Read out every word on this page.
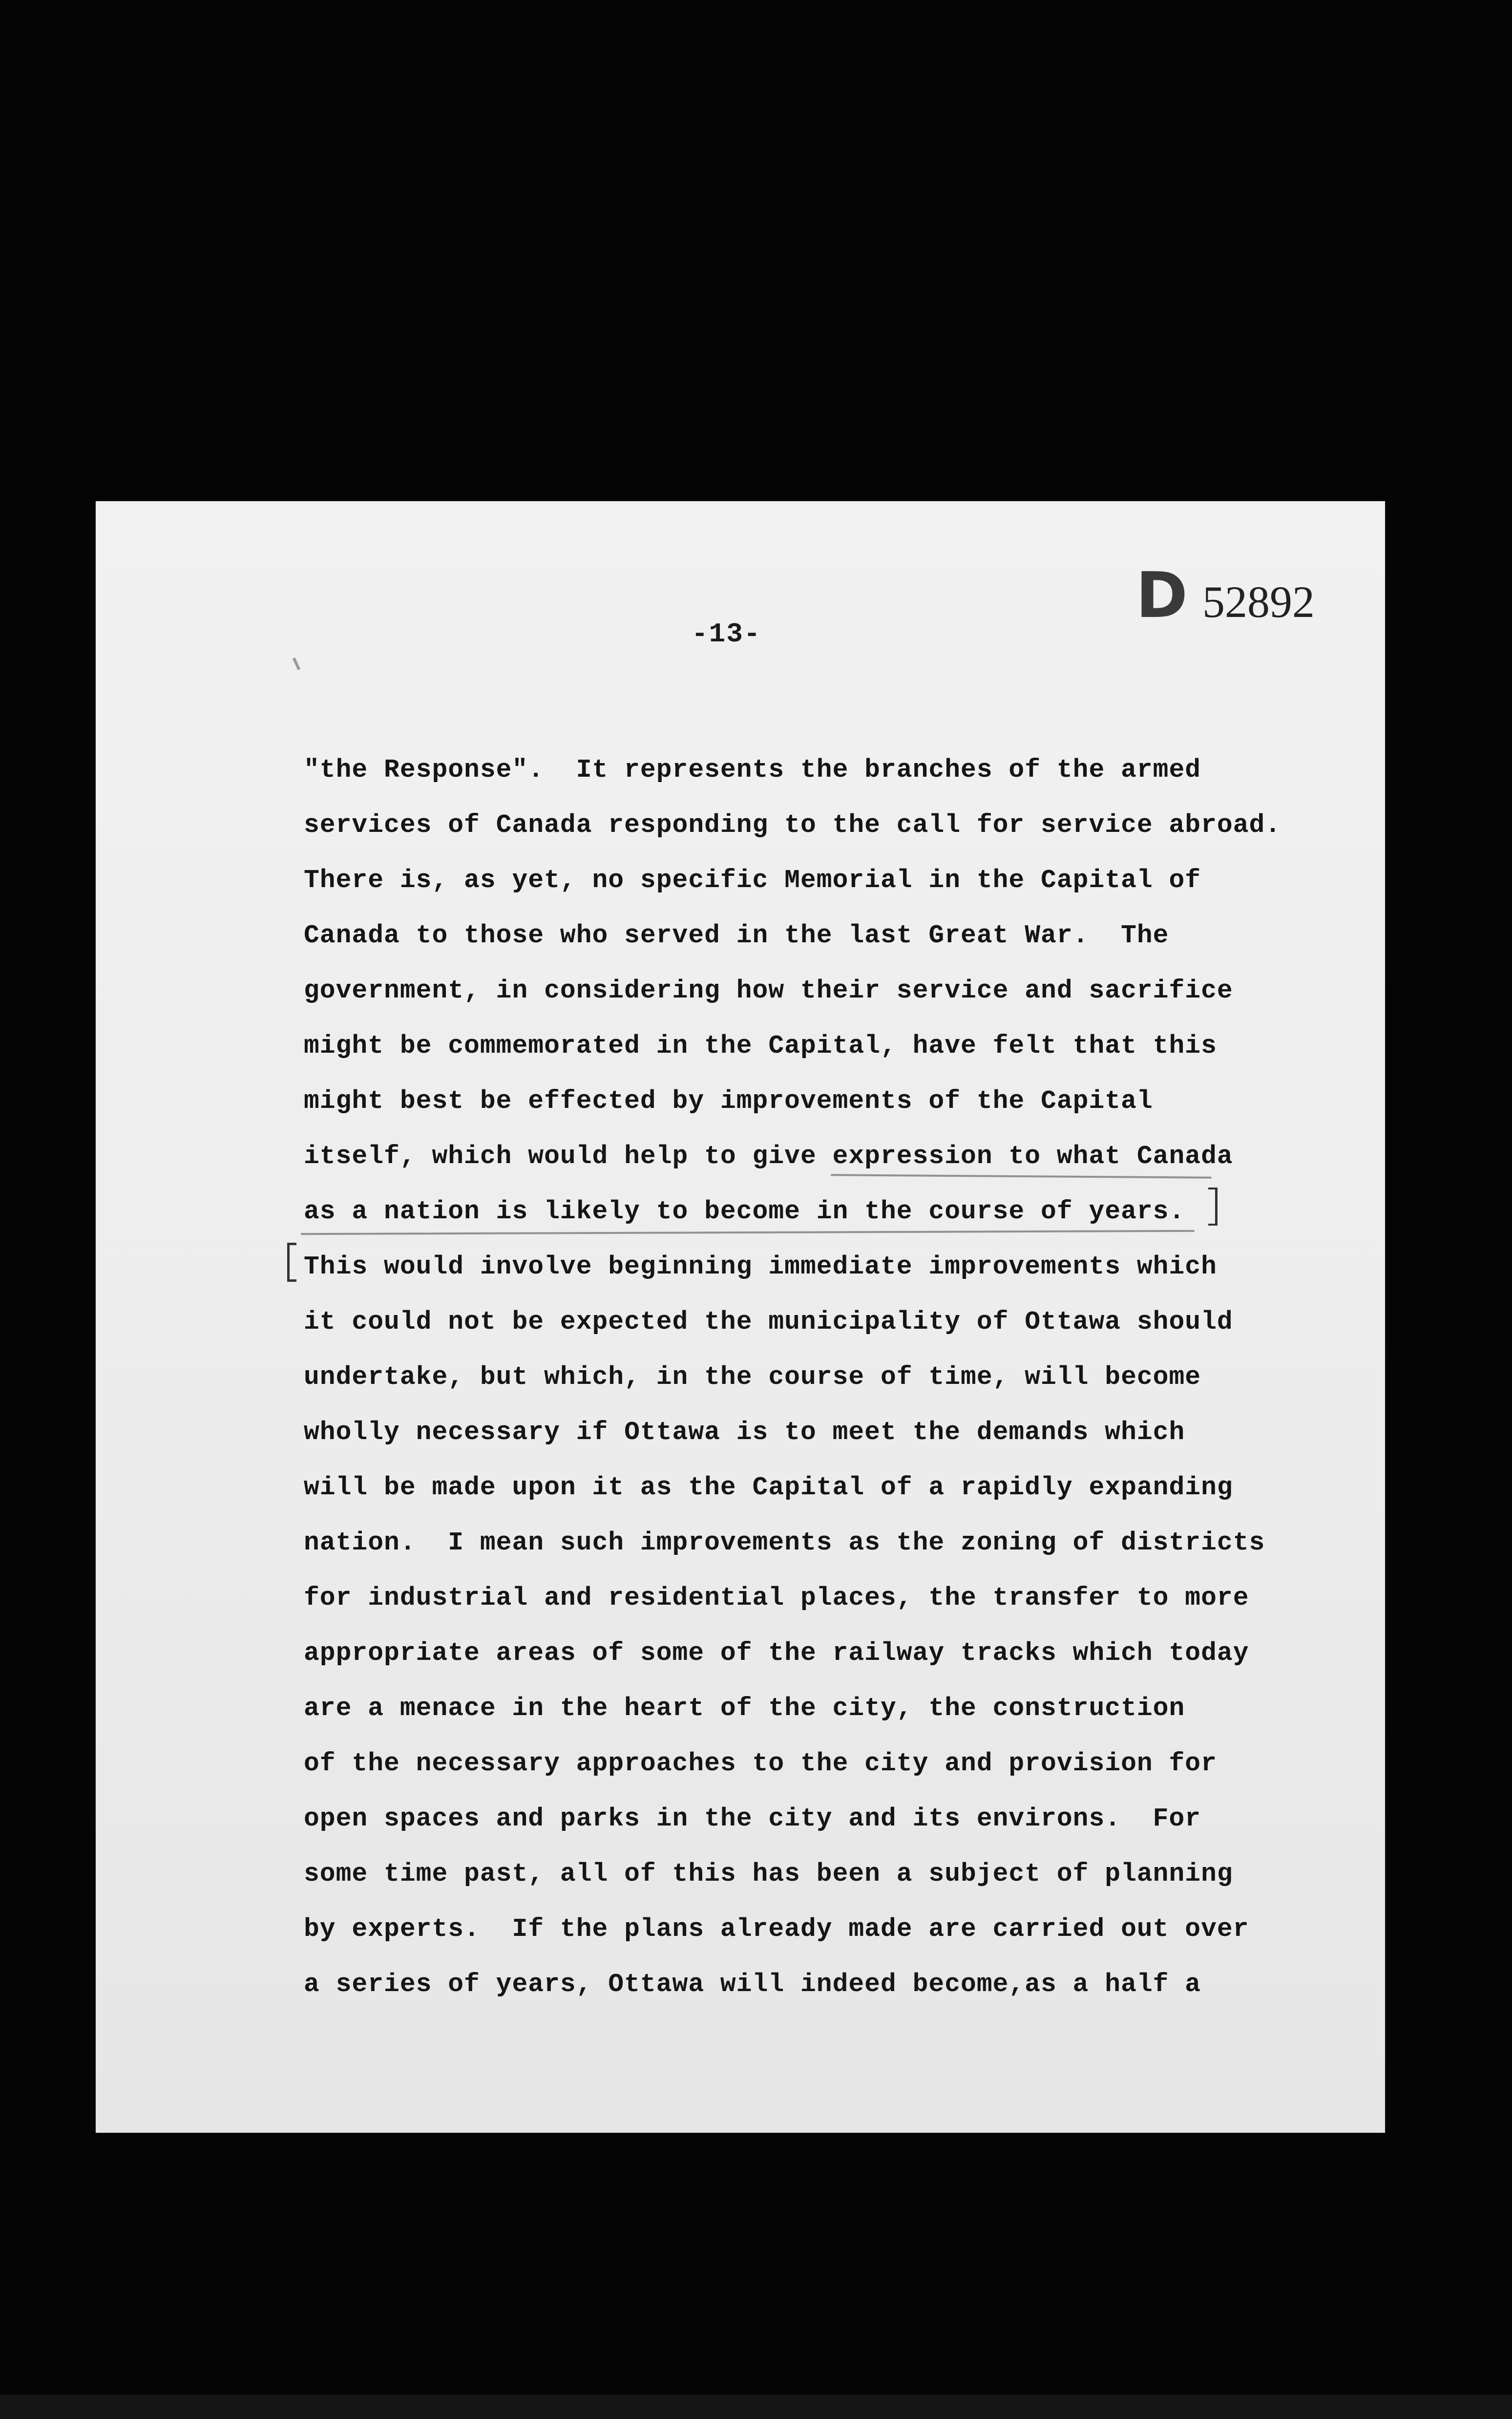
D 52892
-13-
"the Response".  It represents the branches of the armed
services of Canada responding to the call for service abroad.
There is, as yet, no specific Memorial in the Capital of
Canada to those who served in the last Great War.  The
government, in considering how their service and sacrifice
might be commemorated in the Capital, have felt that this
might best be effected by improvements of the Capital
itself, which would help to give expression to what Canada
as a nation is likely to become in the course of years.
This would involve beginning immediate improvements which
it could not be expected the municipality of Ottawa should
undertake, but which, in the course of time, will become
wholly necessary if Ottawa is to meet the demands which
will be made upon it as the Capital of a rapidly expanding
nation.  I mean such improvements as the zoning of districts
for industrial and residential places, the transfer to more
appropriate areas of some of the railway tracks which today
are a menace in the heart of the city, the construction
of the necessary approaches to the city and provision for
open spaces and parks in the city and its environs.  For
some time past, all of this has been a subject of planning
by experts.  If the plans already made are carried out over
a series of years, Ottawa will indeed become,as a half a
